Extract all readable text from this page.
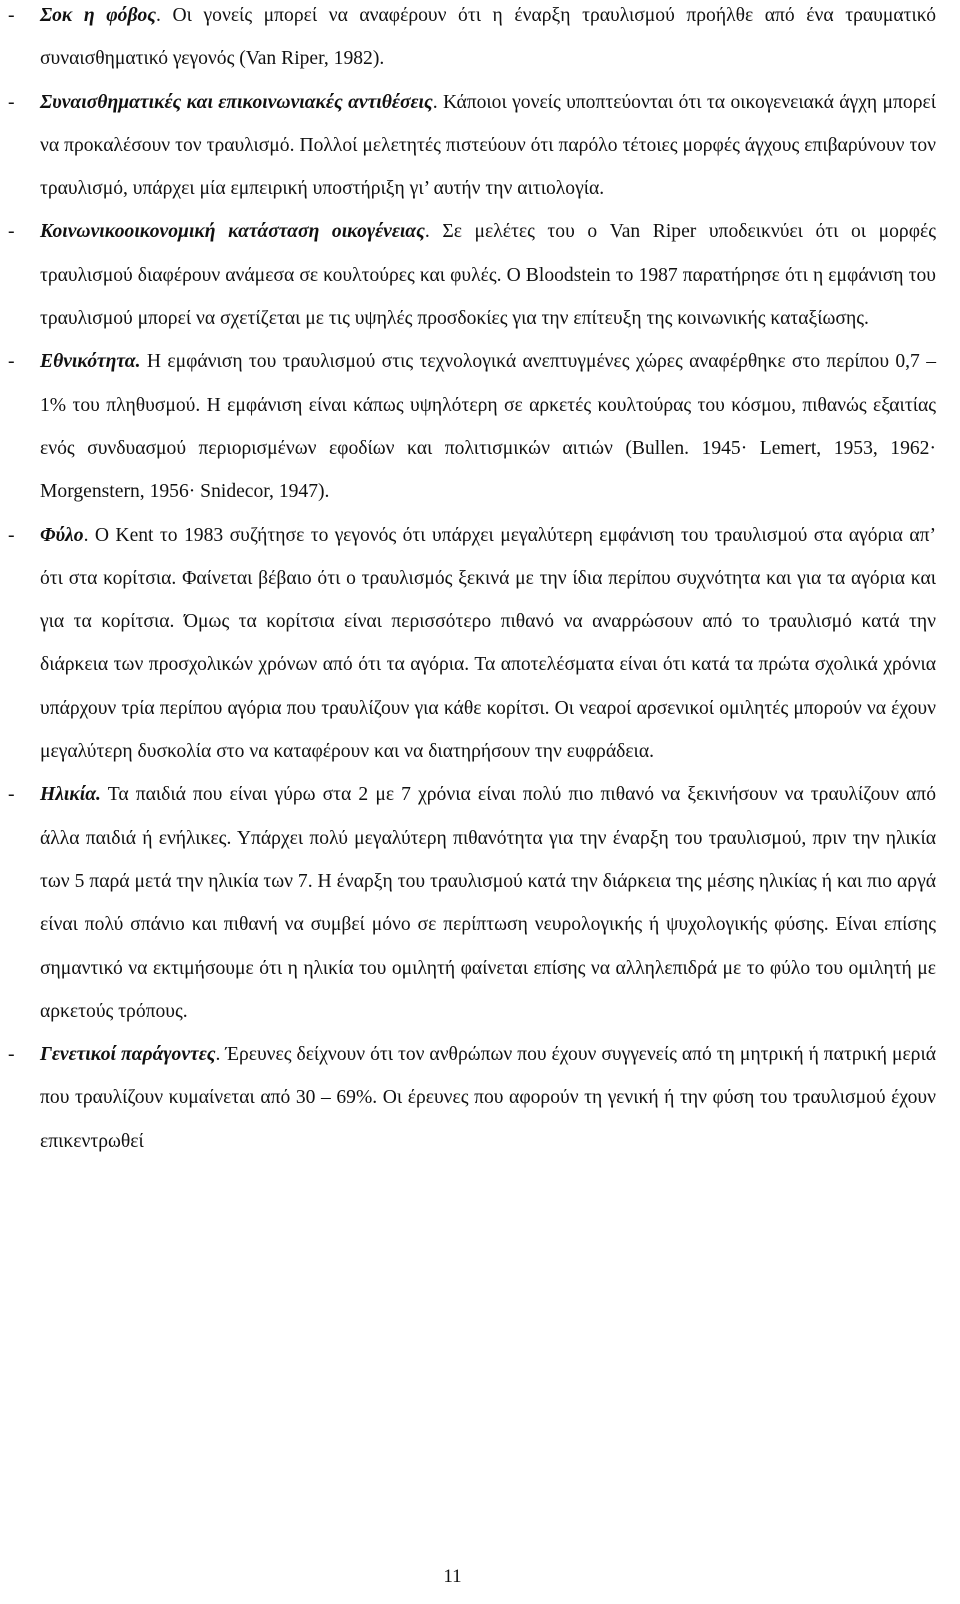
- Σοκ η φόβος. Οι γονείς μπορεί να αναφέρουν ότι η έναρξη τραυλισμού προήλθε από ένα τραυματικό συναισθηματικό γεγονός (Van Riper, 1982).

- Συναισθηματικές και επικοινωνιακές αντιθέσεις. Κάποιοι γονείς υποπτεύονται ότι τα οικογενειακά άγχη μπορεί να προκαλέσουν τον τραυλισμό. Πολλοί μελετητές πιστεύουν ότι παρόλο τέτοιες μορφές άγχους επιβαρύνουν τον τραυλισμό, υπάρχει μία εμπειρική υποστήριξη γι’ αυτήν την αιτιολογία.

- Κοινωνικοοικονομική κατάσταση οικογένειας. Σε μελέτες του ο Van Riper υποδεικνύει ότι οι μορφές τραυλισμού διαφέρουν ανάμεσα σε κουλτούρες και φυλές. Ο Bloodstein το 1987 παρατήρησε ότι η εμφάνιση του τραυλισμού μπορεί να σχετίζεται με τις υψηλές προσδοκίες για την επίτευξη της κοινωνικής καταξίωσης.

- Εθνικότητα. Η εμφάνιση του τραυλισμού στις τεχνολογικά ανεπτυγμένες χώρες αναφέρθηκε στο περίπου 0,7 – 1% του πληθυσμού. Η εμφάνιση είναι κάπως υψηλότερη σε αρκετές κουλτούρας του κόσμου, πιθανώς εξαιτίας ενός συνδυασμού περιορισμένων εφοδίων και πολιτισμικών αιτιών (Bullen. 1945· Lemert, 1953, 1962· Morgenstern, 1956· Snidecor, 1947).

- Φύλο. Ο Kent το 1983 συζήτησε το γεγονός ότι υπάρχει μεγαλύτερη εμφάνιση του τραυλισμού στα αγόρια απ’ ότι στα κορίτσια. Φαίνεται βέβαιο ότι ο τραυλισμός ξεκινά με την ίδια περίπου συχνότητα και για τα αγόρια και για τα κορίτσια. Όμως τα κορίτσια είναι περισσότερο πιθανό να αναρρώσουν από το τραυλισμό κατά την διάρκεια των προσχολικών χρόνων από ότι τα αγόρια. Τα αποτελέσματα είναι ότι κατά τα πρώτα σχολικά χρόνια υπάρχουν τρία περίπου αγόρια που τραυλίζουν για κάθε κορίτσι. Οι νεαροί αρσενικοί ομιλητές μπορούν να έχουν μεγαλύτερη δυσκολία στο να καταφέρουν και να διατηρήσουν την ευφράδεια.

- Ηλικία. Τα παιδιά που είναι γύρω στα 2 με 7 χρόνια είναι πολύ πιο πιθανό να ξεκινήσουν να τραυλίζουν από άλλα παιδιά ή ενήλικες. Υπάρχει πολύ μεγαλύτερη πιθανότητα για την έναρξη του τραυλισμού, πριν την ηλικία των 5 παρά μετά την ηλικία των 7. Η έναρξη του τραυλισμού κατά την διάρκεια της μέσης ηλικίας ή και πιο αργά είναι πολύ σπάνιο και πιθανή να συμβεί μόνο σε περίπτωση νευρολογικής ή ψυχολογικής φύσης. Είναι επίσης σημαντικό να εκτιμήσουμε ότι η ηλικία του ομιλητή φαίνεται επίσης να αλληλεπιδρά με το φύλο του ομιλητή με αρκετούς τρόπους.

- Γενετικοί παράγοντες. Έρευνες δείχνουν ότι τον ανθρώπων που έχουν συγγενείς από τη μητρική ή πατρική μεριά που τραυλίζουν κυμαίνεται από 30 – 69%. Οι έρευνες που αφορούν τη γενική ή την φύση του τραυλισμού έχουν επικεντρωθεί

11
